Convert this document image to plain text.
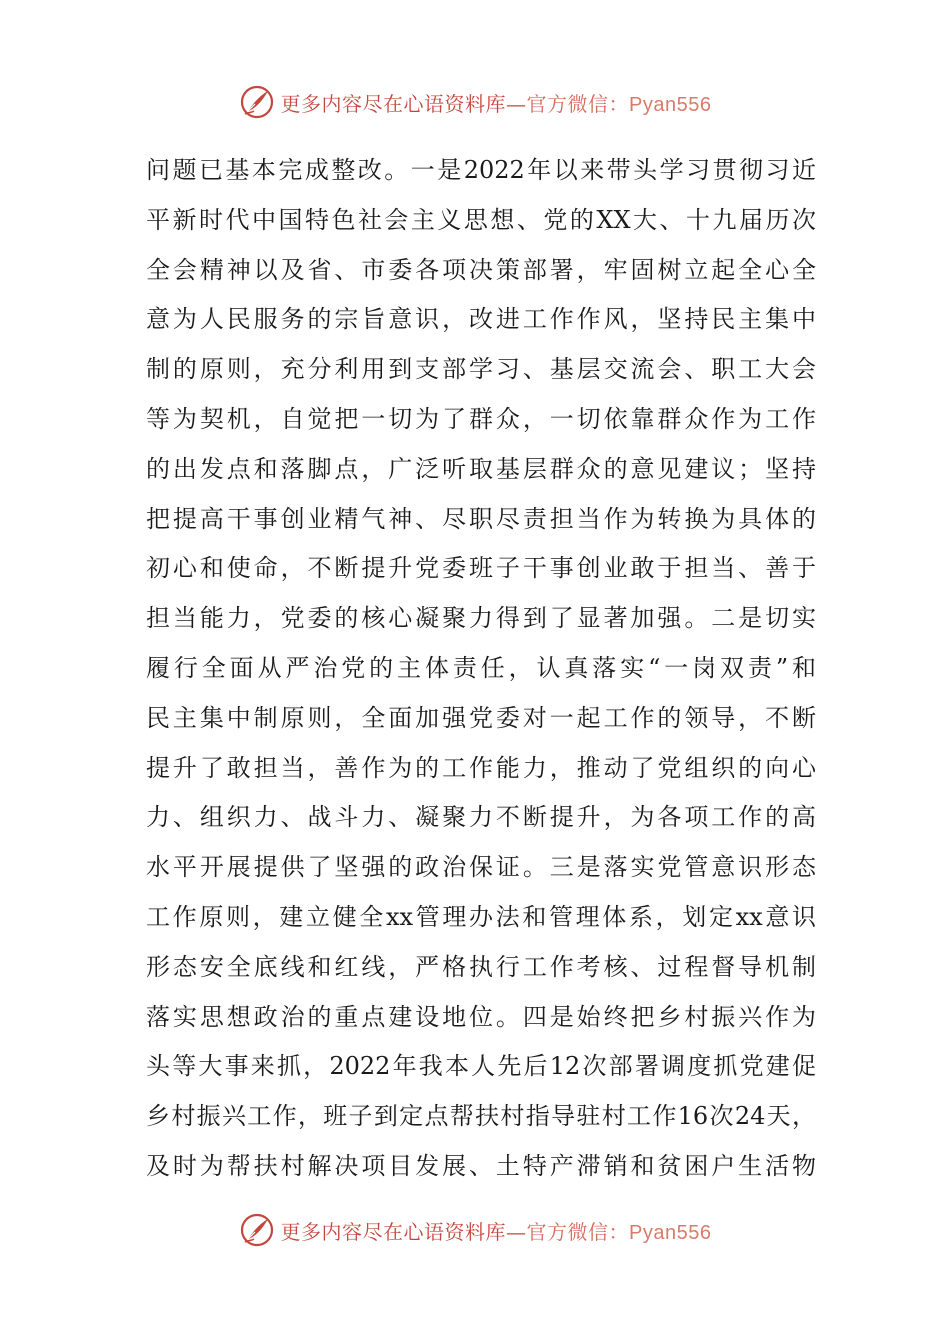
更多内容尽在心语资料库—官方微信：Pyan556
问题已基本完成整改。一是2022年以来带头学习贯彻习近
平新时代中国特色社会主义思想、党的XX大、十九届历次
全会精神以及省、市委各项决策部署，牢固树立起全心全
意为人民服务的宗旨意识，改进工作作风，坚持民主集中
制的原则，充分利用到支部学习、基层交流会、职工大会
等为契机，自觉把一切为了群众，一切依靠群众作为工作
的出发点和落脚点，广泛听取基层群众的意见建议；坚持
把提高干事创业精气神、尽职尽责担当作为转换为具体的
初心和使命，不断提升党委班子干事创业敢于担当、善于
担当能力，党委的核心凝聚力得到了显著加强。二是切实
履行全面从严治党的主体责任，认真落实“一岗双责”和
民主集中制原则，全面加强党委对一起工作的领导，不断
提升了敢担当，善作为的工作能力，推动了党组织的向心
力、组织力、战斗力、凝聚力不断提升，为各项工作的高
水平开展提供了坚强的政治保证。三是落实党管意识形态
工作原则，建立健全xx管理办法和管理体系，划定xx意识
形态安全底线和红线，严格执行工作考核、过程督导机制
落实思想政治的重点建设地位。四是始终把乡村振兴作为
头等大事来抓，2022年我本人先后12次部署调度抓党建促
乡村振兴工作，班子到定点帮扶村指导驻村工作16次24天，
及时为帮扶村解决项目发展、土特产滞销和贫困户生活物
更多内容尽在心语资料库—官方微信：Pyan556
